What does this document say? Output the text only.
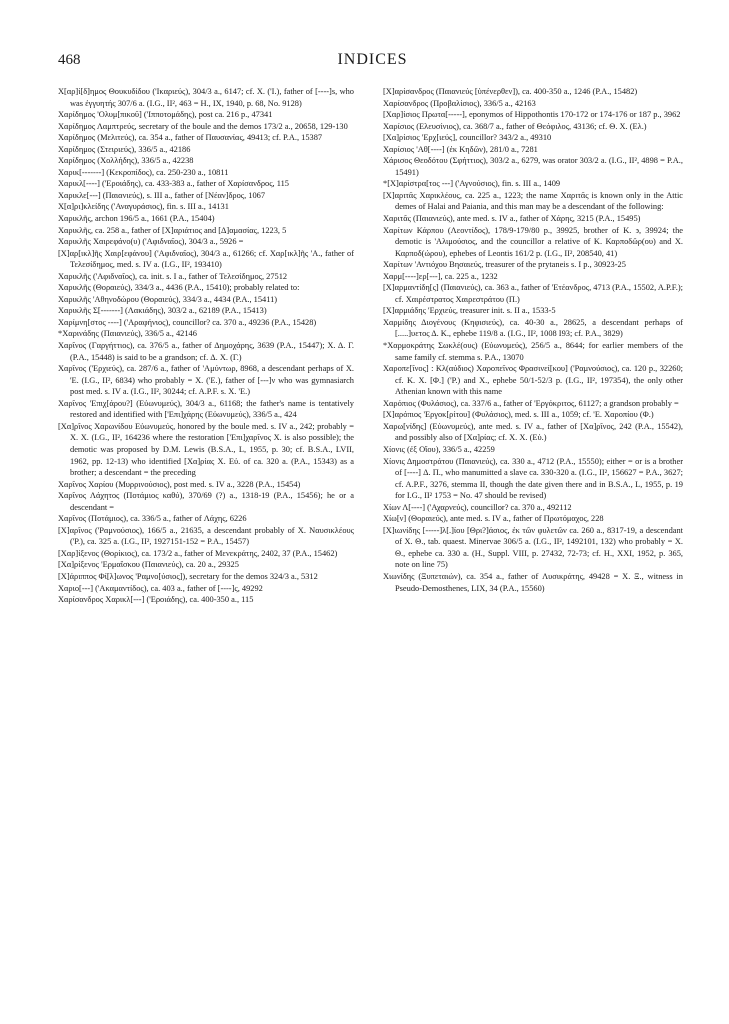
468	INDICES

Χ[αρ]ί[δ]ημος Θουκυδίδου ('Ικαριεύς), 304/3 a., 6147; cf. X. ('I.), father of [----]s, who was ἐγγυητής 307/6 a. (I.G., II², 463 = H., IX, 1940, p. 68, No. 9128)

Χαρίδημος 'Ολυμ[πικοῦ] ('Ιπποτομάδης), post ca. 216 p., 47341

Χαρίδημος Λαμπτρεύς, secretary of the boule and the demos 173/2 a., 20658, 129-130

Χαρίδημος (Μελιτεύς), ca. 354 a., father of Παυσανίας, 49413; cf. P.A., 15387

Χαρίδημος (Στειριεύς), 336/5 a., 42186

Χαρίδημος (Χολλήδης), 336/5 a., 42238

Χαρικ[-------] (Κεκροπίδος), ca. 250-230 a., 10811

Χαρικλ[----] ('Εροιάδης), ca. 433-383 a., father of Χαρίσανδρος, 115

Χαρικλε[---] (Παιανιεύς), s. III a., father of [Νέαν]δρος, 1067

Χ[α]ρι]κλείδης ('Αναγυράσιος), fin. s. III a., 14131

Χαρικλῆς, archon 196/5 a., 1661 (P.A., 15404)

Χαρικλῆς, ca. 258 a., father of [Χ]αριάτιος and [Δ]αμασίας, 1223, 5

Χαρικλῆς Χαιρεφάνο(υ) ('Αφιδναῖος), 304/3 a., 5926 =

[Χ]αρ[ικλ]ῆς Χαιρ[εφάνου] ('Αφιδναῖος), 304/3 a., 61266; cf. Χαρ[ικλ]ῆς 'A., father of Τελεσίδημος, med. s. IV a. (I.G., II², 193410)

Χαρικλῆς ('Αφιδναῖος), ca. init. s. I a., father of Τελεσίδημος, 27512

Χαρικλῆς (Θοραιεύς), 334/3 a., 4436 (P.A., 15410); probably related to:

Χαρικλῆς 'Αθηνοδώρου (Θοραιεύς), 334/3 a., 4434 (P.A., 15411)

Χαρικλῆς Σ[-------] (Λακιάδης), 303/2 a., 62189 (P.A., 15413)

Χαρίμνη[στος ----] ('Αραφήνιος), councillor? ca. 370 a., 49236 (P.A., 15428)

*Χαρινάδης (Παιανιεύς), 336/5 a., 42146

Χαρῖνος (Γαργήττιος), ca. 376/5 a., father of Δημοχάρης, 3639 (P.A., 15447); Χ. Δ. Γ. (P.A., 15448) is said to be a grandson; cf. Δ. Χ. (Γ.)

Χαρῖνος ('Ερχιεύς), ca. 287/6 a., father of 'Αμύντωρ, 8968, a descendant perhaps of Χ. 'Ε. (I.G., II², 6834) who probably = Χ. ('Ε.), father of [---]ν who was gymnasiarch post med. s. IV a. (I.G., II², 30244; cf. A.P.F. s. Χ. 'Ε.)

Χαρῖνος 'Επιχ[άρου?] (Εὐωνυμεύς), 304/3 a., 61168; the father's name is tentatively restored and identified with ['Επι]χάρης (Εὐωνυμεύς), 336/5 a., 424

[Χα]ρῖνος Χαρωνίδου Εὐωνυμεύς, honored by the boule med. s. IV a., 242; probably = Χ. Χ. (I.G., II², 164236 where the restoration ['Επι]χαρῖνος Χ. is also possible); the demotic was proposed by D.M. Lewis (B.S.A., L, 1955, p. 30; cf. B.S.A., LVII, 1962, pp. 12-13) who identified [Χα]ρίας Χ. Εὐ. of ca. 320 a. (P.A., 15343) as a brother; a descendant = the preceding

Χαρῖνος Χαρίου (Μυρρινούσιος), post med. s. IV a., 3228 (P.A., 15454)

Χαρῖνος Λάχητος (Ποτάμιος καθύ), 370/69 (?) a., 1318-19 (P.A., 15456); he or a descendant =

Χαρῖνος (Ποτάμιος), ca. 336/5 a., father of Λάχης, 6226

[Χ]αρῖνος ('Ραμνούσιος), 166/5 a., 21635, a descendant probably of Χ. Ναυσικλέους ('Ρ.), ca. 325 a. (I.G., II², 1927151-152 = P.A., 15457)

[Χαρ]ίξενος (Θορίκιος), ca. 173/2 a., father of Μενεκράτης, 2402, 37 (P.A., 15462)

[Χα]ρίξενος 'Ερμαΐσκου (Παιανιεύς), ca. 20 a., 29325

[Χ]άριππος Φί[λ]ωνος 'Ραμνο[ύσιος]), secretary for the demos 324/3 a., 5312

Χαριο[---] ('Ακαμαντίδος), ca. 403 a., father of [----]ς, 49292

Χαρίσανδρος Χαρικλ[---] ('Εροιάδης), ca. 400-350 a., 115

[Χ]αρίσανδρος (Παιανιεύς [ὑπένερθεν]), ca. 400-350 a., 1246 (P.A., 15482)

Χαρίσανδρος (Προβαλίσιος), 336/5 a., 42163

[Χαρ]ίσιος Πρωτα[-----], eponymos of Hippothontis 170-172 or 174-176 or 187 p., 3962

Χαρίσιος (Ελευσίνιος), ca. 368/7 a., father of Θεόφιλος, 43136; cf. Θ. Χ. (Ελ.)

[Χα]ρίσιος 'Ερχ[ιεύς], councillor? 343/2 a., 49310

Χαρίσιος 'Αθ[----] (ἐκ Κηδῶν), 281/0 a., 7281

Χάρισος Θεοδότου (Σφήττιος), 303/2 a., 6279, was orator 303/2 a. (I.G., II², 4898 = P.A., 15491)

*[Χ]αρίστρα[τος ---] ('Αγνούσιος), fin. s. III a., 1409

[Χ]αριτᾶς Χαρικλέους, ca. 225 a., 1223; the name Χαριτᾶς is known only in the Attic demes of Halai and Paiania, and this man may be a descendant of the following:

Χαριτᾶς (Παιανιεύς), ante med. s. IV a., father of Χάρης, 3215 (P.A., 15495)

Χαρίτων Κάρπου (Λεοντίδος), 178/9-179/80 p., 39925, brother of Κ. ϶, 39924; the demotic is 'Αλιμούσιος, and the councillor a relative of Κ. Καρποδῶρ(ου) and Χ. Καρποδ(ώρου), ephebes of Leontis 161/2 p. (I.G., II², 208540, 41)

Χαρίτων 'Αντιόχου Βησαιεύς, treasurer of the prytaneis s. I p., 30923-25

Χαρμ[----]ερ[---], ca. 225 a., 1232

[Χ]αρμαντίδη[ς] (Παιανιεύς), ca. 363 a., father of 'Ετέανδρος, 4713 (P.A., 15502, A.P.F.); cf. Χαιρέστρατος Χαιρεστράτου (Π.)

[Χ]αρμιάδης 'Ερχιεύς, treasurer init. s. II a., 1533-5

Χαρμίδης Διογένους (Κηφισιεύς), ca. 40-30 a., 28625, a descendant perhaps of [.....]υετος Δ. Κ., ephebe 119/8 a. (I.G., II², 1008 I93; cf. P.A., 3829)

*Χαρμοκράτης Σωκλέ(ους) (Εὐωνυμεύς), 256/5 a., 8644; for earlier members of the same family cf. stemma s. P.A., 13070

Χαροπε[ῖνος] : Κλ(αύδιος) Χαροπεῖνος Φρασινεί[κου] ('Ραμνούσιος), ca. 120 p., 32260; cf. Κ. Χ. [Φ.] ('Ρ.) and Χ., ephebe 50/1-52/3 p. (I.G., II², 197354), the only other Athenian known with this name

Χαρόπιος (Φυλάσιος), ca. 337/6 a., father of 'Εργόκριτος, 61127; a grandson probably =

[Χ]αρόπιος 'Εργοκ[ρίτου] (Φυλάσιος), med. s. III a., 1059; cf. 'Ε. Χαροπίου (Φ.)

Χαρω[νίδης] (Εὐωνυμεύς), ante med. s. IV a., father of [Χα]ρῖνος, 242 (P.A., 15542), and possibly also of [Χα]ρίας; cf. Χ. Χ. (Εὐ.)

Χίονις (ἐξ Οἴου), 336/5 a., 42259

Χίονις Δημοστράτου (Παιανιεύς), ca. 330 a., 4712 (P.A., 15550); either = or is a brother of [----] Δ. Π., who manumitted a slave ca. 330-320 a. (I.G., II², 156627 = P.A., 3627; cf. A.P.F., 3276, stemma II, though the date given there and in B.S.A., L, 1955, p. 19 for I.G., II² 1753 = No. 47 should be revised)

Χίων Λ[----] ('Αχαρνεύς), councillor? ca. 370 a., 492112

Χίω[ν] (Θοραιεύς), ante med. s. IV a., father of Πρωτόμαχος, 228

[Χ]ιωνίδης [-----]λ[.]ίου [Θρι?]άσιος, ἐκ τῶν φυλετῶν ca. 260 a., 8317-19, a descendant of Χ. Θ., tab. quaest. Minervae 306/5 a. (I.G., II², 1492101, 132) who probably = Χ. Θ., ephebe ca. 330 a. (H., Suppl. VIII, p. 27432, 72-73; cf. H., XXI, 1952, p. 365, note on line 75)

Χιωνίδης (Ξυπεταιών), ca. 354 a., father of Λυσικράτης, 49428 = Χ. Ξ., witness in Pseudo-Demosthenes, LIX, 34 (P.A., 15560)
